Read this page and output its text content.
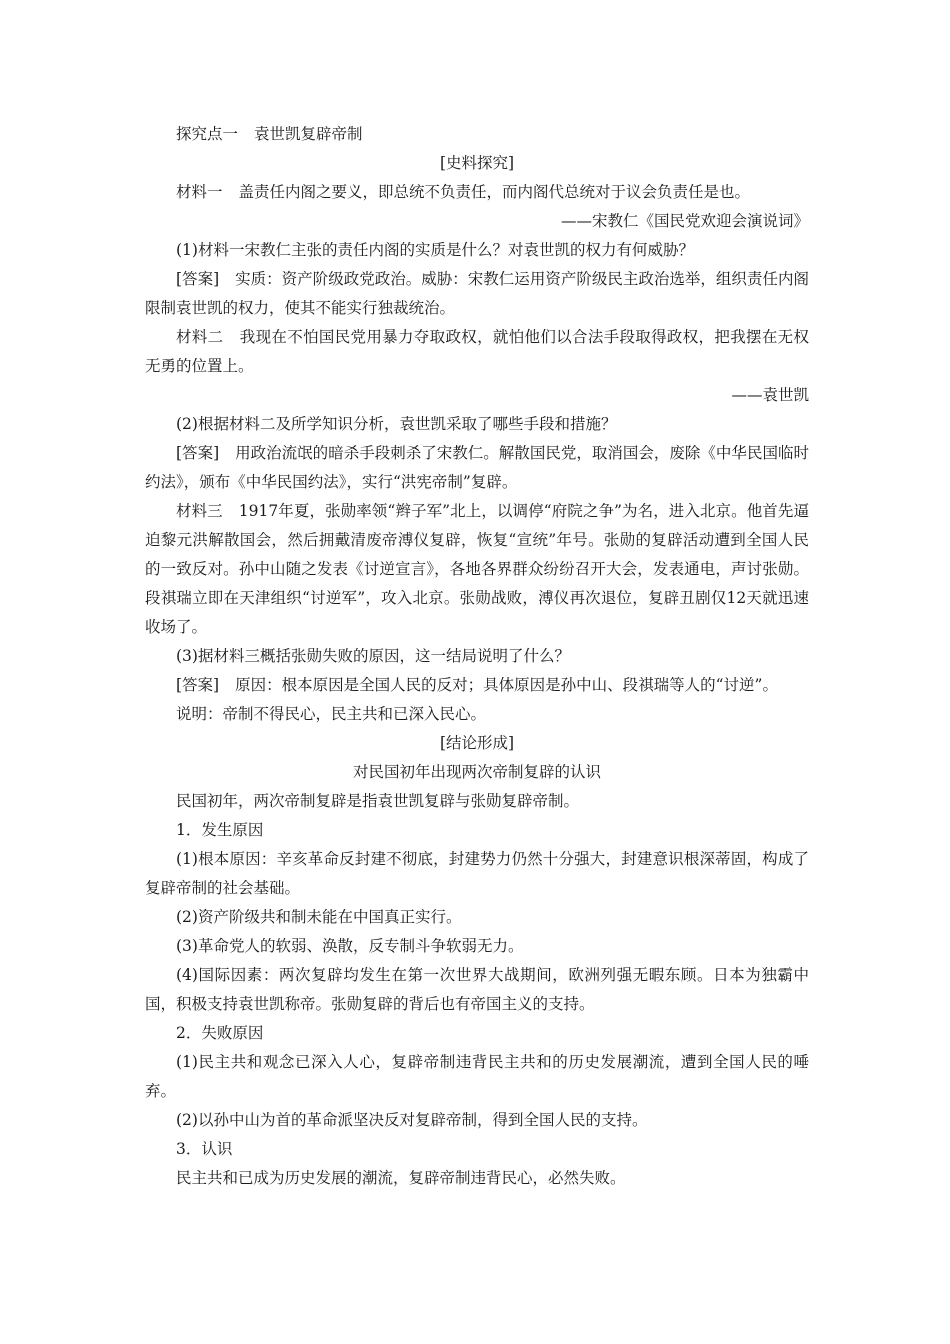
探究点一 袁世凯复辟帝制

[史料探究]

材料一 盖责任内阁之要义，即总统不负责任，而内阁代总统对于议会负责任是也。

——宋教仁《国民党欢迎会演说词》

(1)材料一宋教仁主张的责任内阁的实质是什么？对袁世凯的权力有何威胁？

[答案] 实质：资产阶级政党政治。威胁：宋教仁运用资产阶级民主政治选举，组织责任内阁限制袁世凯的权力，使其不能实行独裁统治。

材料二 我现在不怕国民党用暴力夺取政权，就怕他们以合法手段取得政权，把我摆在无权无勇的位置上。

——袁世凯

(2)根据材料二及所学知识分析，袁世凯采取了哪些手段和措施？

[答案] 用政治流氓的暗杀手段刺杀了宋教仁。解散国民党，取消国会，废除《中华民国临时约法》，颁布《中华民国约法》，实行“洪宪帝制”复辟。

材料三 1917年夏，张勋率领“辫子军”北上，以调停“府院之争”为名，进入北京。他首先逼迫黎元洪解散国会，然后拥戴清废帝溥仪复辟，恢复“宣统”年号。张勋的复辟活动遭到全国人民的一致反对。孙中山随之发表《讨逆宣言》，各地各界群众纷纷召开大会，发表通电，声讨张勋。段祺瑞立即在天津组织“讨逆军”，攻入北京。张勋战败，溥仪再次退位，复辟丑剧仅12天就迅速收场了。

(3)据材料三概括张勋失败的原因，这一结局说明了什么？

[答案] 原因：根本原因是全国人民的反对；具体原因是孙中山、段祺瑞等人的“讨逆”。

说明：帝制不得民心，民主共和已深入民心。

[结论形成]

对民国初年出现两次帝制复辟的认识

民国初年，两次帝制复辟是指袁世凯复辟与张勋复辟帝制。

1．发生原因

(1)根本原因：辛亥革命反封建不彻底，封建势力仍然十分强大，封建意识根深蒂固，构成了复辟帝制的社会基础。

(2)资产阶级共和制未能在中国真正实行。

(3)革命党人的软弱、涣散，反专制斗争软弱无力。

(4)国际因素：两次复辟均发生在第一次世界大战期间，欧洲列强无暇东顾。日本为独霸中国，积极支持袁世凯称帝。张勋复辟的背后也有帝国主义的支持。

2．失败原因

(1)民主共和观念已深入人心，复辟帝制违背民主共和的历史发展潮流，遭到全国人民的唾弃。

(2)以孙中山为首的革命派坚决反对复辟帝制，得到全国人民的支持。

3．认识

民主共和已成为历史发展的潮流，复辟帝制违背民心，必然失败。
